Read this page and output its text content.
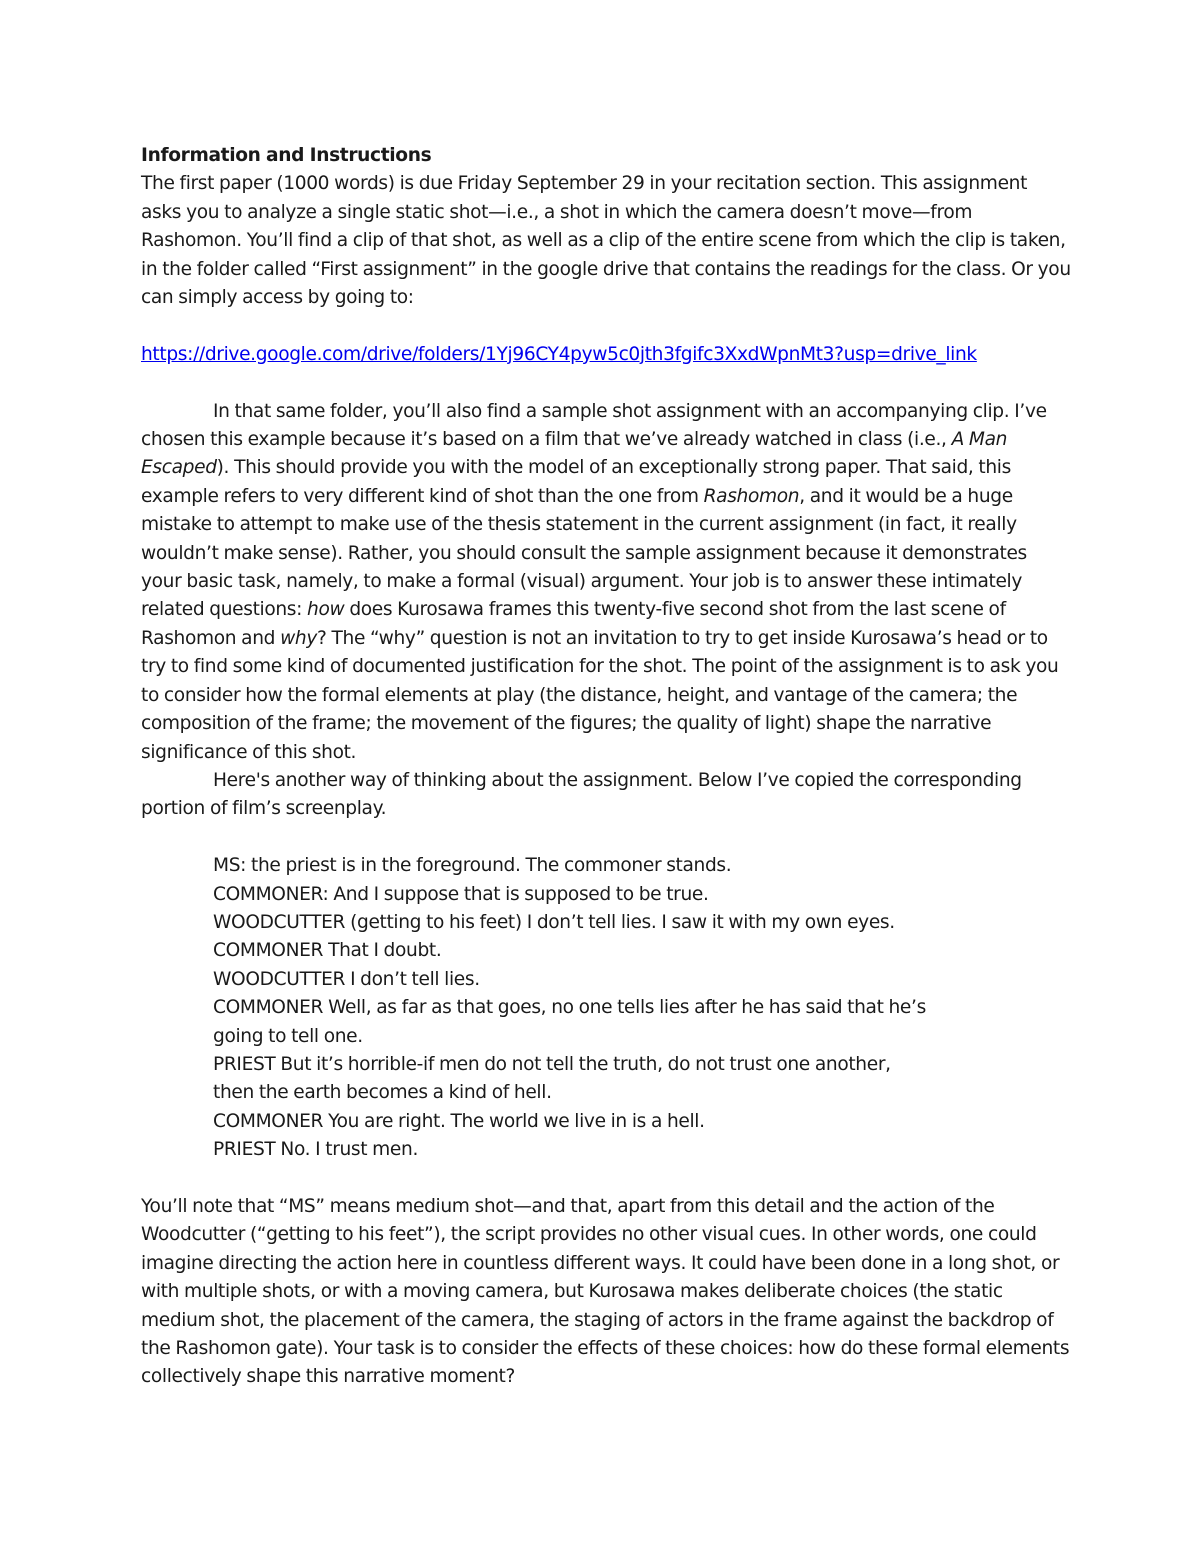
Information and Instructions

The first paper (1000 words) is due Friday September 29 in your recitation section. This assignment asks you to analyze a single static shot—i.e., a shot in which the camera doesn’t move—from Rashomon. You’ll find a clip of that shot, as well as a clip of the entire scene from which the clip is taken, in the folder called “First assignment” in the google drive that contains the readings for the class. Or you can simply access by going to:

https://drive.google.com/drive/folders/1Yj96CY4pyw5c0jth3fgifc3XxdWpnMt3?usp=drive_link

In that same folder, you’ll also find a sample shot assignment with an accompanying clip. I’ve chosen this example because it’s based on a film that we’ve already watched in class (i.e., A Man Escaped). This should provide you with the model of an exceptionally strong paper. That said, this example refers to very different kind of shot than the one from Rashomon, and it would be a huge mistake to attempt to make use of the thesis statement in the current assignment (in fact, it really wouldn’t make sense). Rather, you should consult the sample assignment because it demonstrates your basic task, namely, to make a formal (visual) argument. Your job is to answer these intimately related questions: how does Kurosawa frames this twenty-five second shot from the last scene of Rashomon and why? The “why” question is not an invitation to try to get inside Kurosawa’s head or to try to find some kind of documented justification for the shot. The point of the assignment is to ask you to consider how the formal elements at play (the distance, height, and vantage of the camera; the composition of the frame; the movement of the figures; the quality of light) shape the narrative significance of this shot.

Here's another way of thinking about the assignment. Below I’ve copied the corresponding portion of film’s screenplay.

MS: the priest is in the foreground. The commoner stands.
COMMONER: And I suppose that is supposed to be true.
WOODCUTTER (getting to his feet) I don’t tell lies. I saw it with my own eyes.
COMMONER That I doubt.
WOODCUTTER I don’t tell lies.
COMMONER Well, as far as that goes, no one tells lies after he has said that he’s
going to tell one.
PRIEST But it’s horrible-if men do not tell the truth, do not trust one another,
then the earth becomes a kind of hell.
COMMONER You are right. The world we live in is a hell.
PRIEST No. I trust men.

You’ll note that “MS” means medium shot—and that, apart from this detail and the action of the Woodcutter (“getting to his feet”), the script provides no other visual cues. In other words, one could imagine directing the action here in countless different ways. It could have been done in a long shot, or with multiple shots, or with a moving camera, but Kurosawa makes deliberate choices (the static medium shot, the placement of the camera, the staging of actors in the frame against the backdrop of the Rashomon gate). Your task is to consider the effects of these choices: how do these formal elements collectively shape this narrative moment?
